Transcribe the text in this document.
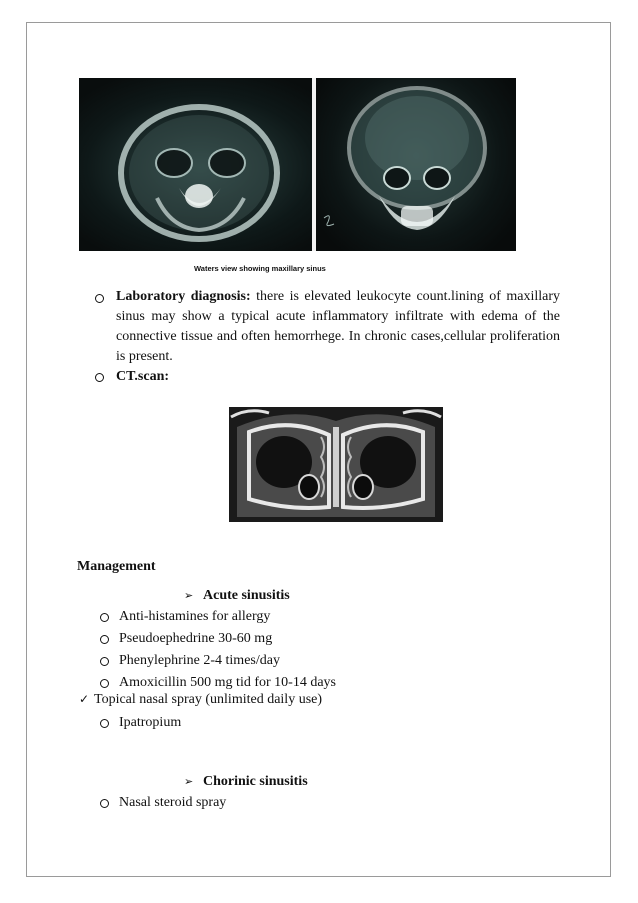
Waters view showing maxillary sinus
Laboratory diagnosis: there is elevated leukocyte count.lining of maxillary sinus may show a typical acute inflammatory infiltrate with edema of the connective tissue and often hemorrhege. In chronic cases,cellular proliferation is present.
CT.scan:
Management
➢ Acute sinusitis
Anti-histamines for allergy
Pseudoephedrine 30-60 mg
Phenylephrine 2-4 times/day
Amoxicillin 500 mg tid for 10-14 days
✓ Topical nasal spray (unlimited daily use)
Ipatropium
➢ Chorinic sinusitis
Nasal steroid spray
